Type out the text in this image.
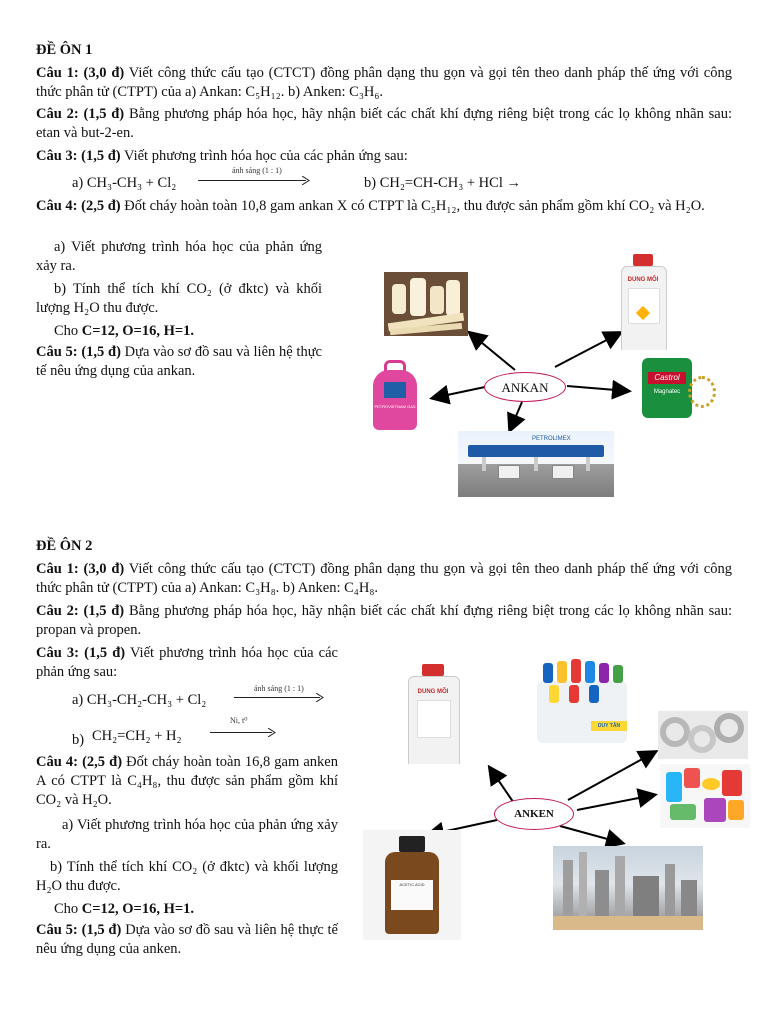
ĐỀ ÔN 1
Câu 1: (3,0 đ) Viết công thức cấu tạo (CTCT) đồng phân dạng thu gọn và gọi tên theo danh pháp thế ứng với công thức phân tử (CTPT) của a) Ankan: C₅H₁₂. b) Anken: C₃H₆.
Câu 2: (1,5 đ) Bằng phương pháp hóa học, hãy nhận biết các chất khí đựng riêng biệt trong các lọ không nhãn sau: etan và but-2-en.
Câu 3: (1,5 đ) Viết phương trình hóa học của các phản ứng sau:
a) CH₃-CH₃ + Cl₂
ánh sáng (1 : 1)
b) CH₂=CH-CH₃ + HCl →
Câu 4: (2,5 đ) Đốt cháy hoàn toàn 10,8 gam ankan X có CTPT là C₅H₁₂, thu được sản phẩm gồm khí CO₂ và H₂O.
a) Viết phương trình hóa học của phản ứng xảy ra.
b) Tính thể tích khí CO₂ (ở đktc) và khối lượng H₂O thu được.
Cho C=12, O=16, H=1.
Câu 5: (1,5 đ) Dựa vào sơ đồ sau và liên hệ thực tế nêu ứng dụng của ankan.
ANKAN
DUNG MÔI
PETROVIETNAM GAS
Castrol
Magnatec
PETROLIMEX
ĐỀ ÔN 2
Câu 1: (3,0 đ) Viết công thức cấu tạo (CTCT) đồng phân dạng thu gọn và gọi tên theo danh pháp thế ứng với công thức phân tử (CTPT) của a) Ankan: C₃H₈. b) Anken: C₄H₈.
Câu 2: (1,5 đ) Bằng phương pháp hóa học, hãy nhận biết các chất khí đựng riêng biệt trong các lọ không nhãn sau: propan và propen.
Câu 3: (1,5 đ) Viết phương trình hóa học của các phản ứng sau:
a) CH₃-CH₂-CH₃ + Cl₂
ánh sáng (1 : 1)
b) CH₂=CH₂ + H₂
Ni, t⁰
Câu 4: (2,5 đ) Đốt cháy hoàn toàn 16,8 gam anken A có CTPT là C₄H₈, thu được sản phẩm gồm khí CO₂ và H₂O.
a) Viết phương trình hóa học của phản ứng xảy ra.
b) Tính thể tích khí CO₂ (ở đktc) và khối lượng H₂O thu được.
Cho C=12, O=16, H=1.
Câu 5: (1,5 đ) Dựa vào sơ đồ sau và liên hệ thực tế nêu ứng dụng của anken.
ANKEN
DUNG MÔI
DUY TÂN
ACETIC ACID
